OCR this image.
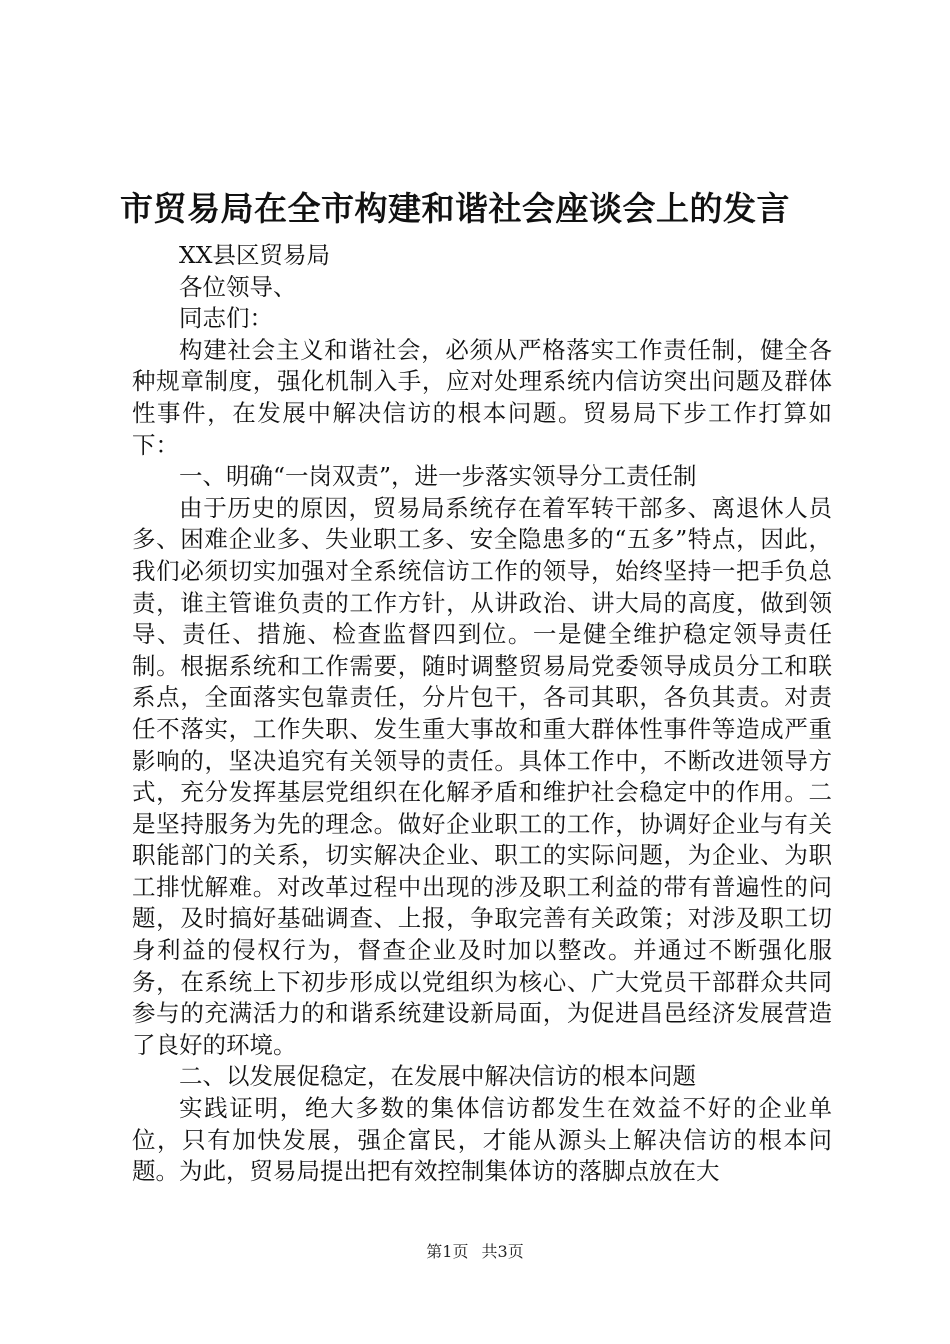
市贸易局在全市构建和谐社会座谈会上的发言

XX县区贸易局

各位领导、

同志们：

构建社会主义和谐社会，必须从严格落实工作责任制，健全各种规章制度，强化机制入手，应对处理系统内信访突出问题及群体性事件，在发展中解决信访的根本问题。贸易局下步工作打算如下：

一、明确“一岗双责”，进一步落实领导分工责任制

由于历史的原因，贸易局系统存在着军转干部多、离退休人员多、困难企业多、失业职工多、安全隐患多的“五多”特点，因此，我们必须切实加强对全系统信访工作的领导，始终坚持一把手负总责，谁主管谁负责的工作方针，从讲政治、讲大局的高度，做到领导、责任、措施、检查监督四到位。一是健全维护稳定领导责任制。根据系统和工作需要，随时调整贸易局党委领导成员分工和联系点，全面落实包靠责任，分片包干，各司其职，各负其责。对责任不落实，工作失职、发生重大事故和重大群体性事件等造成严重影响的，坚决追究有关领导的责任。具体工作中，不断改进领导方式，充分发挥基层党组织在化解矛盾和维护社会稳定中的作用。二是坚持服务为先的理念。做好企业职工的工作，协调好企业与有关职能部门的关系，切实解决企业、职工的实际问题，为企业、为职工排忧解难。对改革过程中出现的涉及职工利益的带有普遍性的问题，及时搞好基础调查、上报，争取完善有关政策；对涉及职工切身利益的侵权行为，督查企业及时加以整改。并通过不断强化服务，在系统上下初步形成以党组织为核心、广大党员干部群众共同参与的充满活力的和谐系统建设新局面，为促进昌邑经济发展营造了良好的环境。

二、以发展促稳定，在发展中解决信访的根本问题

实践证明，绝大多数的集体信访都发生在效益不好的企业单位，只有加快发展，强企富民，才能从源头上解决信访的根本问题。为此，贸易局提出把有效控制集体访的落脚点放在大

第1页 共3页
